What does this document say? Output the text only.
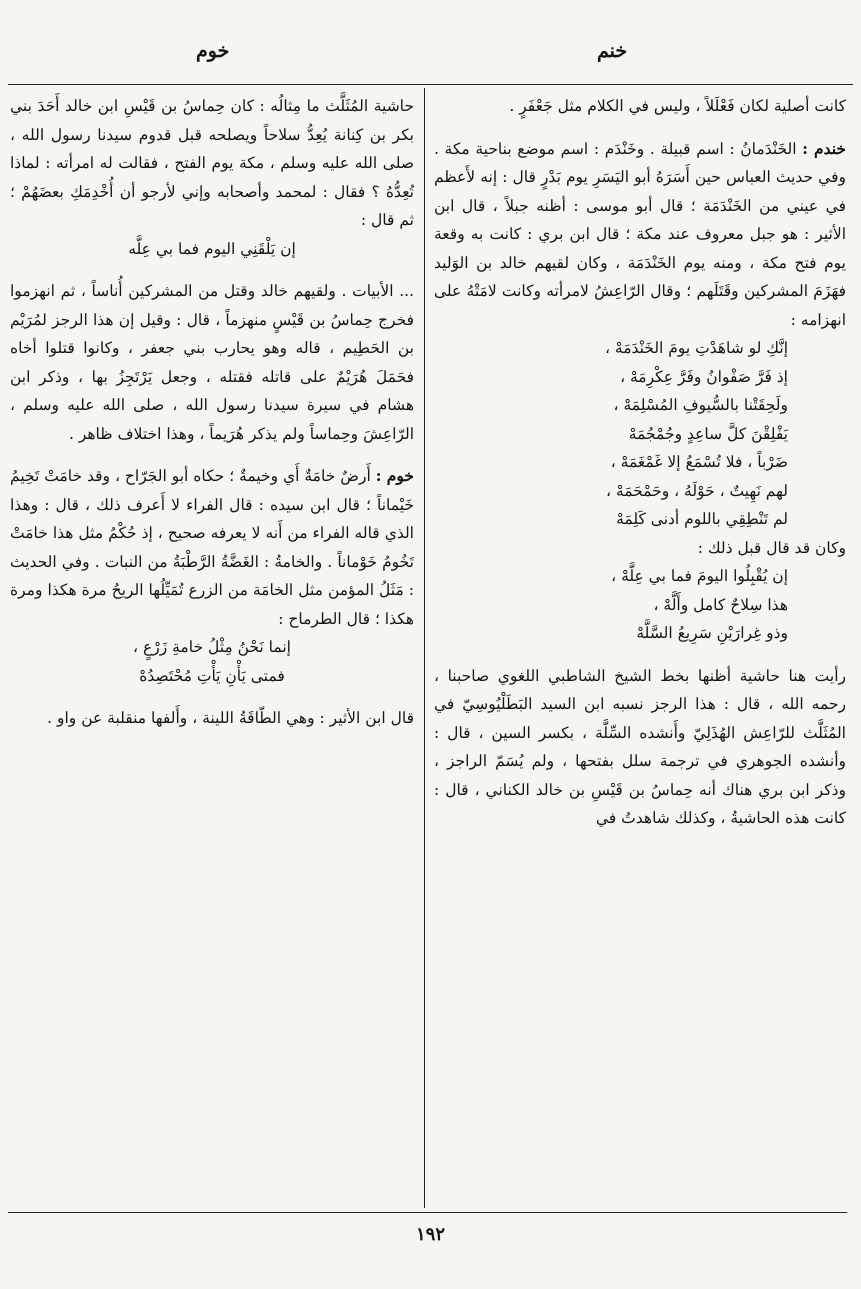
خنم
خوم

كانت أصلية لكان فَعْلَلاً ، وليس في الكلام مثل جَعْفَرٍ .

خندم : الخَنْدَمانُ : اسم قبيلة . وخَنْدَم : اسم موضع بناحية مكة . وفي حديث العباس حين أَسَرَهُ أبو اليَسَرِ يوم بَدْرٍ قال : إنه لأَعظم في عيني من الخَنْدَمَة ؛ قال أبو موسى : أظنه جبلاً ، قال ابن الأثير : هو جبل معروف عند مكة ؛ قال ابن بري : كانت به وقعة يوم فتح مكة ، ومنه يوم الخَنْدَمَة ، وكان لقيهم خالد بن الوَليد فهَزَمَ المشركين وقَتَلَهم ؛ وقال الرّاعِشُ لامرأته وكانت لامَتْهُ على انهزامه :

إنَّكِ لو شاهَدْتِ يومَ الخَنْدَمَهْ ،

إذ فَرَّ صَفْوانُ وفَرَّ عِكْرِمَهْ ،

ولَحِقَتْنا بالسُّيوفِ المُسْلِمَهْ ،

يَفْلِقْنَ كلَّ ساعِدٍ وجُمْجُمَهْ

ضَرْباً ، فلا تُسْمَعُ إلا غَمْغَمَهْ ،

لهم نَهِيتٌ ، حَوْلَهُ ، وحَمْحَمَهْ ،

لم تَنْطِقِي باللوم أدنى كَلِمَهْ

وكان قد قال قبل ذلك :

إن يُقْبِلُوا اليومَ فما بي عِلَّهْ ،

هذا سِلاحٌ كامل وأَلَّهْ ،

وذو غِرارَيْنِ سَرِيعُ السَّلَّهْ

رأيت هنا حاشية أظنها بخط الشيخ الشاطبي اللغوي صاحبنا ، رحمه الله ، قال : هذا الرجز نسبه ابن السيد البَطَلْيُوسِيّ في المُثَلَّث للرّاعِش الهُذَلِيّ وأَنشده السِّلَّة ، بكسر السين ، قال : وأنشده الجوهري في ترجمة سلل بفتحها ، ولم يُسَمّ الراجز ، وذكر ابن بري هناك أنه حِماسُ بن قَيْسِ بن خالد الكناني ، قال : كانت هذه الحاشيةُ ، وكذلك شاهدتُ في

حاشية المُثَلَّث ما مِثالُه : كان حِماسُ بن قَيْسِ ابن خالد أَحَدَ بني بكر بن كِنانة يُعِدُّ سلاحاً ويصلحه قبل قدوم سيدنا رسول الله ، صلى الله عليه وسلم ، مكة يوم الفتح ، فقالت له امرأته : لماذا تُعِدُّهُ ؟ فقال : لمحمد وأصحابه وإني لأرجو أن أُخْدِمَكِ بعضَهُمْ ؛ ثم قال :

إن يَلْقَنِي اليوم فما بي عِلَّه

... الأبيات . ولقيهم خالد وقتل من المشركين أُناساً ، ثم انهزموا فخرج حِماسُ بن قَيْسٍ منهزماً ، قال : وقيل إن هذا الرجز لمُرَيْم بن الحَطِيم ، قاله وهو يحارب بني جعفر ، وكانوا قتلوا أخاه فحَمَلَ هُرَيْمٌ على قاتله فقتله ، وجعل يَرْتَجِزُ بها ، وذكر ابن هشام في سيرة سيدنا رسول الله ، صلى الله عليه وسلم ، الرّاعِشَ وحِماساً ولم يذكر هُرَيماً ، وهذا اختلاف ظاهر .

خوم : أَرضٌ خامَةٌ أَي وخيمةٌ ؛ حكاه أبو الجَرّاح ، وقد خامَتْ تَخِيمُ خَيْماناً ؛ قال ابن سيده : قال الفراء لا أَعرف ذلك ، قال : وهذا الذي قاله الفراء من أَنه لا يعرفه صحيح ، إذ حُكْمُ مثل هذا خامَتْ تَخُومُ خَوْماناً . والخامةُ : الغَضَّةُ الرَّطْبَةُ من النبات . وفي الحديث : مَثَلُ المؤمن مثل الخامَة من الزرع تُمَيِّلُها الريحُ مرة هكذا ومرة هكذا ؛ قال الطرماح :

إنما نَحْنُ مِثْلُ خامةِ زَرْعٍ ،

فمتى يَأْنِ يَأْتِ مُحْتَصِدُهْ

قال ابن الأثير : وهي الطّاقَةُ اللينة ، وأَلفها منقلبة عن واو .

١٩٢
